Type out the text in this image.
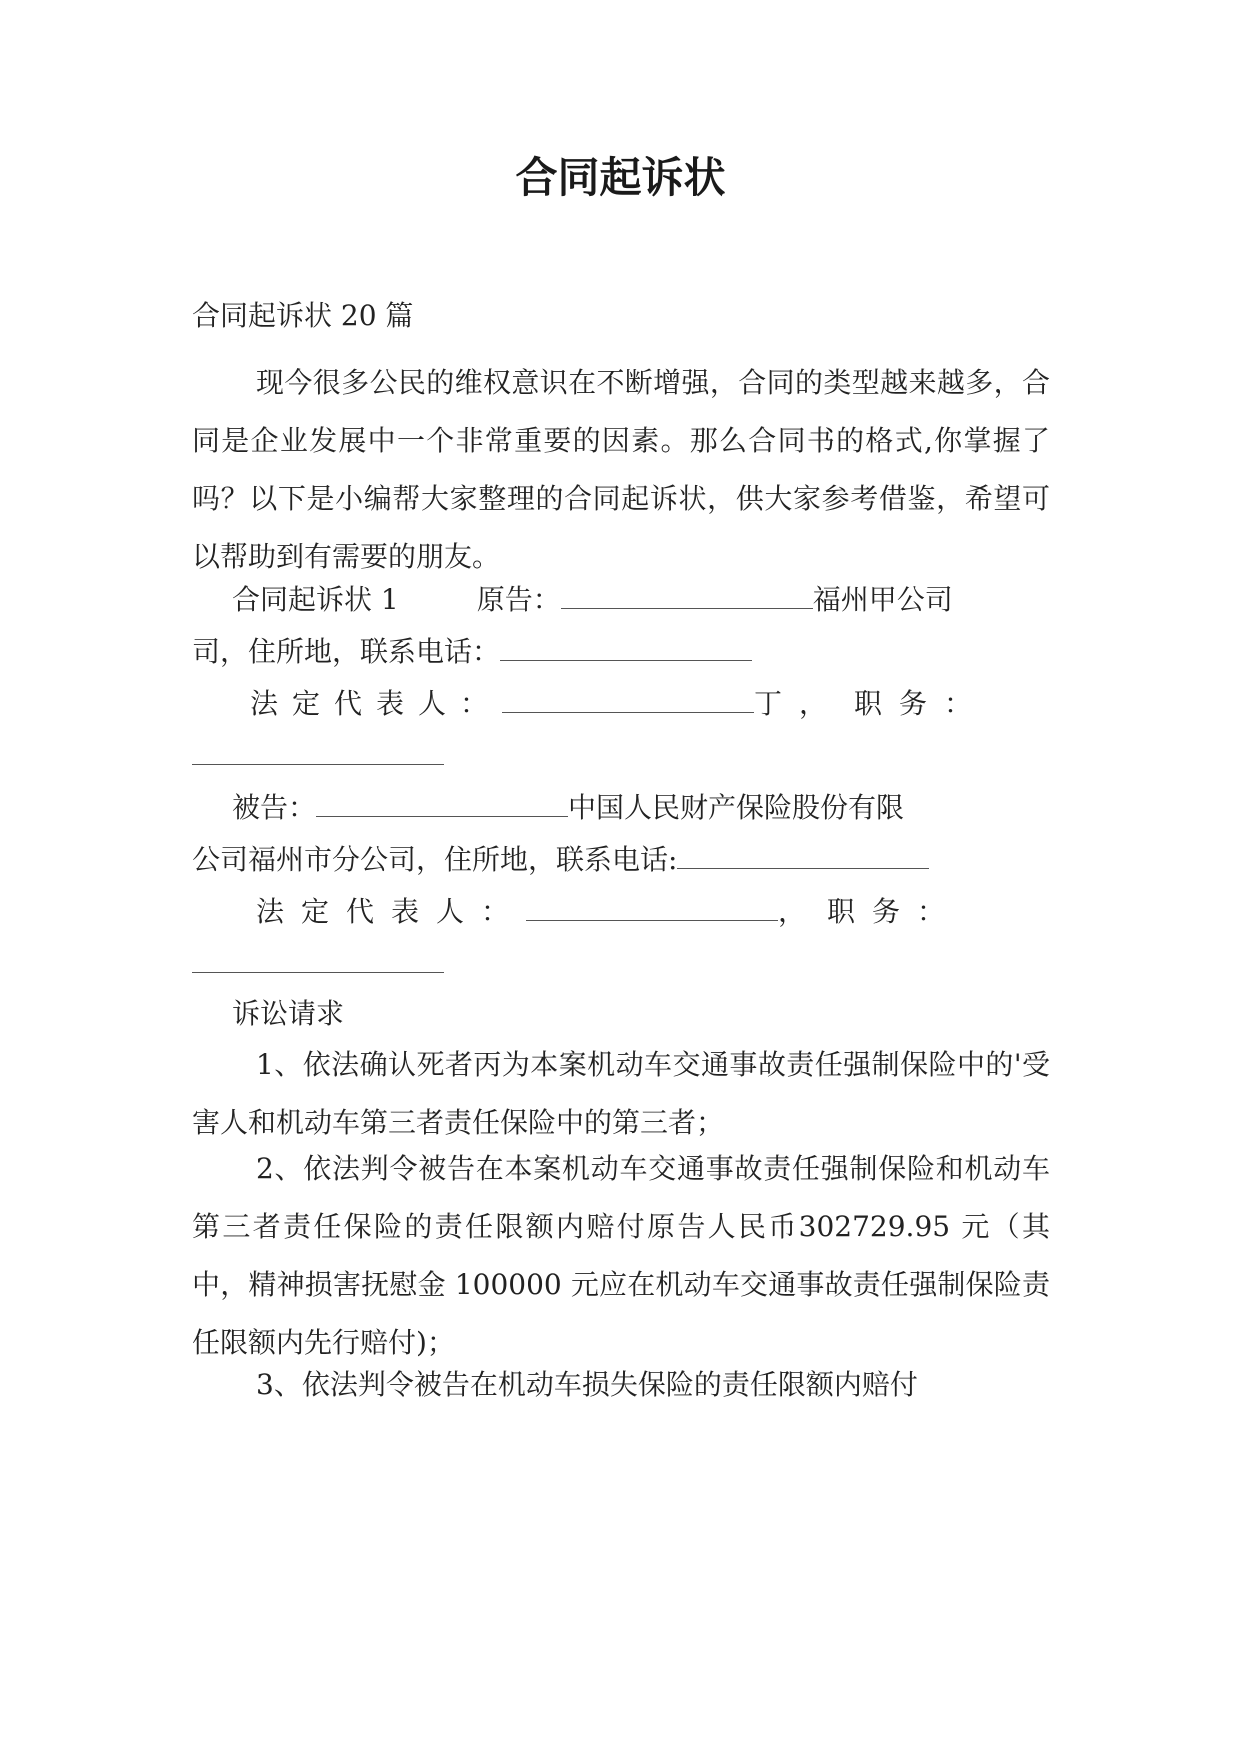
合同起诉状
合同起诉状 20 篇

现今很多公民的维权意识在不断增强，合同的类型越来越多，合同是企业发展中一个非常重要的因素。那么合同书的格式,你掌握了吗？以下是小编帮大家整理的合同起诉状，供大家参考借鉴，希望可以帮助到有需要的朋友。

合同起诉状 1	原告：	福州甲公司
司，住所地，联系电话：
法定代表人：	丁， 职务：
被告：	中国人民财产保险股份有限
公司福州市分公司，住所地，联系电话:
法定代表人：	， 职务：
诉讼请求

1、依法确认死者丙为本案机动车交通事故责任强制保险中的'受害人和机动车第三者责任保险中的第三者；

2、依法判令被告在本案机动车交通事故责任强制保险和机动车第三者责任保险的责任限额内赔付原告人民币302729.95 元（其中，精神损害抚慰金 100000 元应在机动车交通事故责任强制保险责任限额内先行赔付)；

3、依法判令被告在机动车损失保险的责任限额内赔付
